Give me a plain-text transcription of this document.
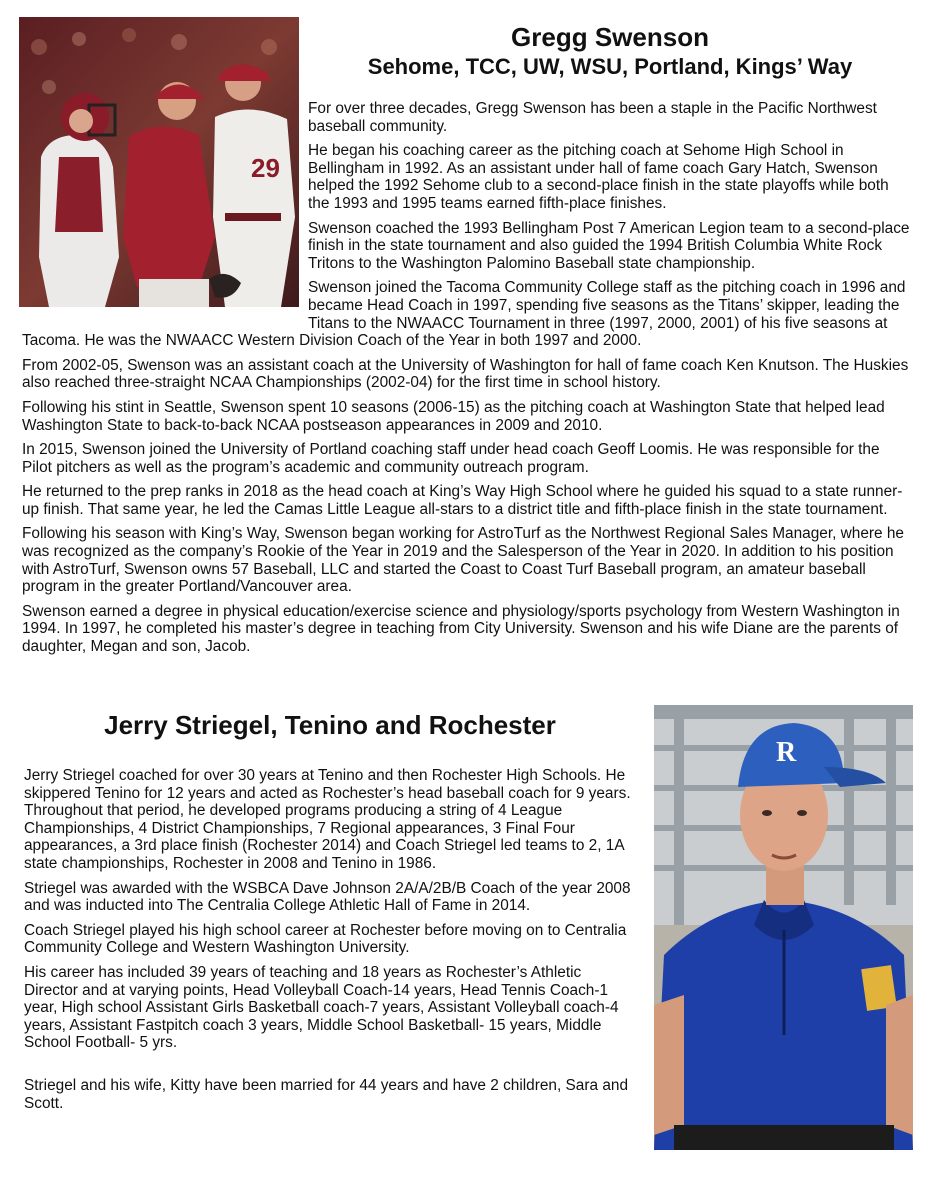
29
Gregg Swenson
Sehome, TCC, UW, WSU, Portland, Kings’ Way

For over three decades, Gregg Swenson has been a staple in the Pacific Northwest baseball community.

He began his coaching career as the pitching coach at Sehome High School in Bellingham in 1992. As an assistant under hall of fame coach Gary Hatch, Swenson helped the 1992 Sehome club to a second-place finish in the state playoffs while both the 1993 and 1995 teams earned fifth-place finishes.

Swenson coached the 1993 Bellingham Post 7 American Legion team to a second-place finish in the state tournament and also guided the 1994 British Columbia White Rock Tritons to the Washington Palomino Baseball state championship.

Swenson joined the Tacoma Community College staff as the pitching coach in 1996 and became Head Coach in 1997, spending five seasons as the Titans’ skipper, leading the Titans to the NWAACC Tournament in three (1997, 2000, 2001) of his five seasons at Tacoma. He was the NWAACC Western Division Coach of the Year in both 1997 and 2000.

From 2002-05, Swenson was an assistant coach at the University of Washington for hall of fame coach Ken Knutson. The Huskies also reached three-straight NCAA Championships (2002-04) for the first time in school history.

Following his stint in Seattle, Swenson spent 10 seasons (2006-15) as the pitching coach at Washington State that helped lead Washington State to back-to-back NCAA postseason appearances in 2009 and 2010.

In 2015, Swenson joined the University of Portland coaching staff under head coach Geoff Loomis. He was responsible for the Pilot pitchers as well as the program’s academic and community outreach program.

He returned to the prep ranks in 2018 as the head coach at King’s Way High School where he guided his squad to a state runner-up finish. That same year, he led the Camas Little League all-stars to a district title and fifth-place finish in the state tournament.

Following his season with King’s Way, Swenson began working for AstroTurf as the Northwest Regional Sales Manager, where he was recognized as the company’s Rookie of the Year in 2019 and the Salesperson of the Year in 2020. In addition to his position with AstroTurf, Swenson owns 57 Baseball, LLC and started the Coast to Coast Turf Baseball program, an amateur baseball program in the greater Portland/Vancouver area.

Swenson earned a degree in physical education/exercise science and physiology/sports psychology from Western Washington in 1994. In 1997, he completed his master’s degree in teaching from City University. Swenson and his wife Diane are the parents of daughter, Megan and son, Jacob.

Jerry Striegel, Tenino and Rochester

Jerry Striegel coached for over 30 years at Tenino and then Rochester High Schools. He skippered Tenino for 12 years and acted as Rochester’s head baseball coach for 9 years. Throughout that period, he developed programs producing a string of 4 League Championships, 4 District Championships, 7 Regional appearances, 3 Final Four appearances, a 3rd place finish (Rochester 2014) and Coach Striegel led teams to 2, 1A state championships, Rochester in 2008 and Tenino in 1986.

Striegel was awarded with the WSBCA Dave Johnson 2A/A/2B/B Coach of the year 2008

and was inducted into The Centralia College Athletic Hall of Fame in 2014.

Coach Striegel played his high school career at Rochester before moving on to Centralia Community College and Western Washington University.

His career has included 39 years of teaching and 18 years as Rochester’s Athletic Director and at varying points, Head Volleyball Coach-14 years, Head Tennis Coach-1 year, High school Assistant Girls Basketball coach-7 years, Assistant Volleyball coach-4 years, Assistant Fastpitch coach 3 years, Middle School Basketball- 15 years, Middle School Football- 5 yrs.

Striegel and his wife, Kitty have been married for 44 years and have 2 children, Sara and Scott.

R
